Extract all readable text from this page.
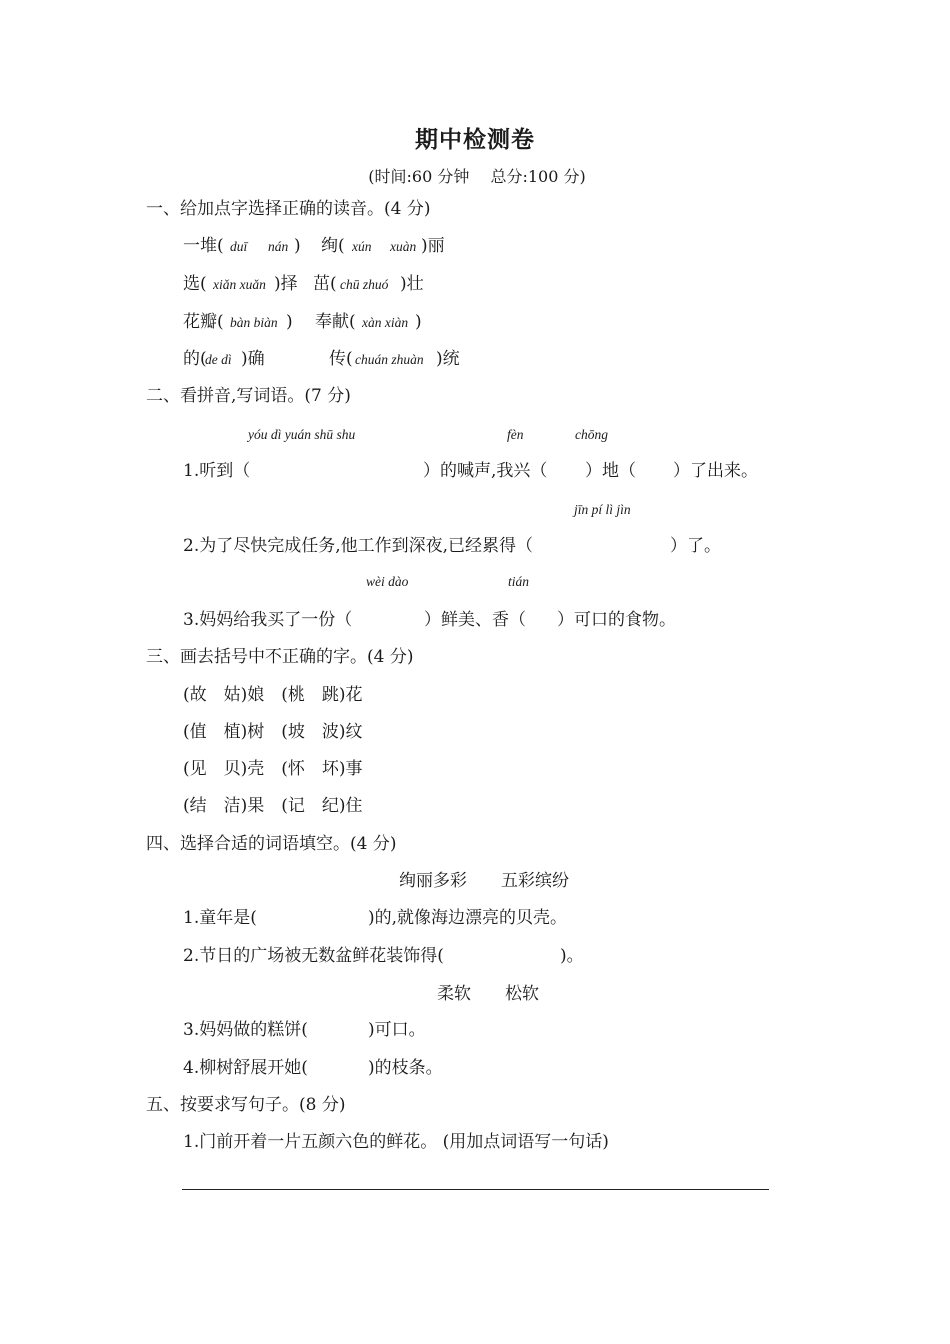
期中检测卷
(时间:60 分钟　 总分:100 分)
一、给加点字选择正确的读音。(4 分)
一堆( duī nán ) 绚( xún xuàn )丽
选( xiǎn xuǎn )择 茁( chū zhuó )壮
花瓣( bàn biàn ) 奉献( xàn xiàn )
的(
de dì )确	传( chuán zhuàn )统
二、看拼音,写词语。(7 分)
yóu dì yuán shū shu	fèn	chōng
1.听到（	）的喊声,我兴（ ）地（ ）了出来。
jīn pí lì jìn
2.为了尽快完成任务,他工作到深夜,已经累得（	）了。
wèi dào	tián
3.妈妈给我买了一份（	）鲜美、香（ ）可口的食物。
三、画去括号中不正确的字。(4 分)
(故　姑)娘　(桃　跳)花
(值　植)树　(坡　波)纹
(见　贝)壳　(怀　坏)事
(结　洁)果　(记　纪)住
四、选择合适的词语填空。(4 分)
绚丽多彩　　五彩缤纷
1.童年是(	)的,就像海边漂亮的贝壳。
2.节日的广场被无数盆鲜花装饰得(	)。
柔软　　松软
3.妈妈做的糕饼(	)可口。
4.柳树舒展开她(	)的枝条。
五、按要求写句子。(8 分)
1.门前开着一片五颜六色的鲜花。 (用加点词语写一句话)
